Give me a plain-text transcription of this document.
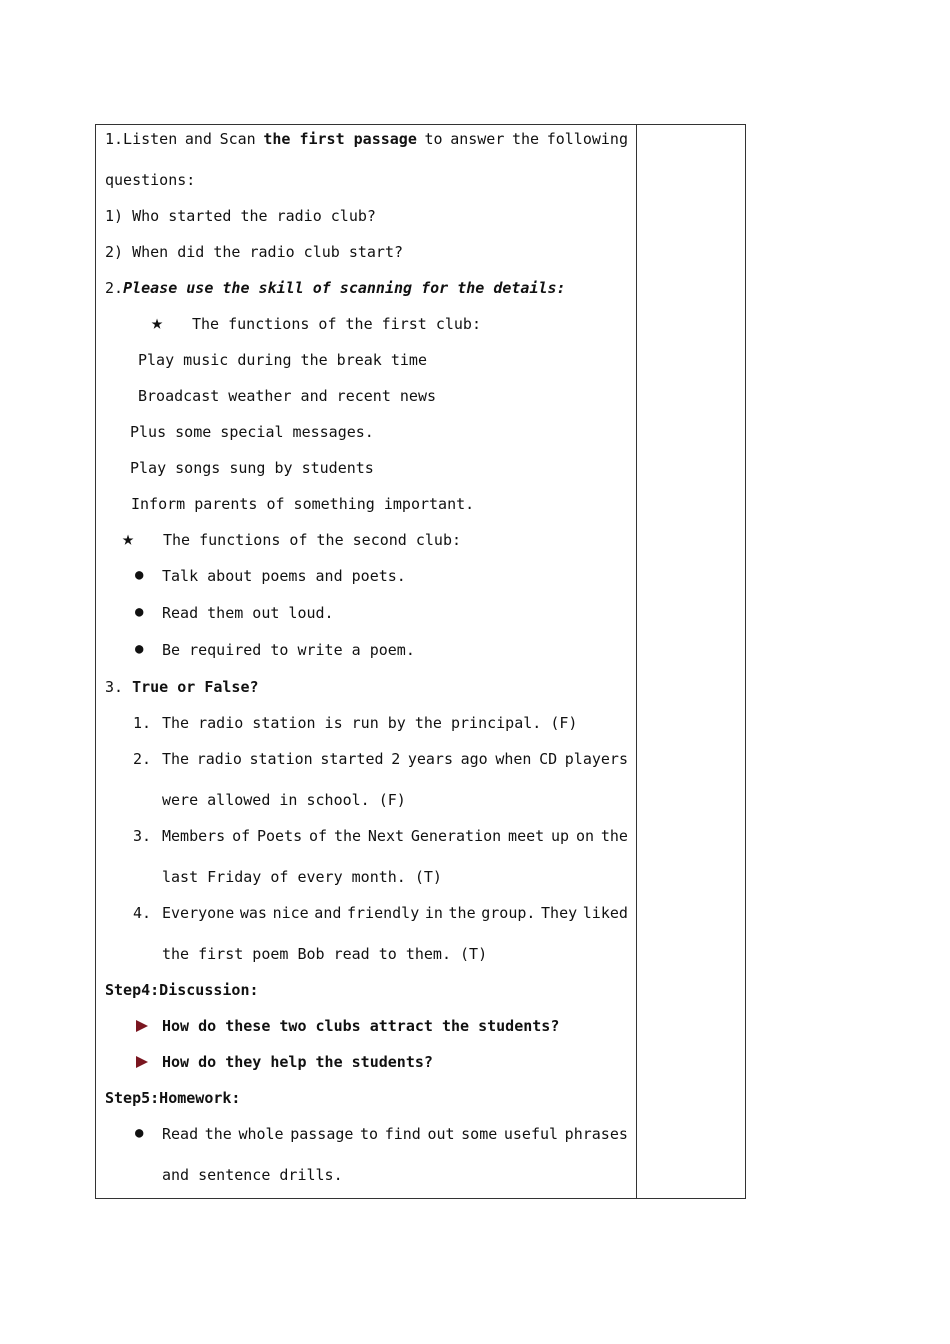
1.Listen and Scan the first passage to answer the following
questions:
1) Who started the radio club?
2) When did the radio club start?
2.Please use the skill of scanning for the details:
★ The functions of the first club:
Play music during the break time
Broadcast weather and recent news
Plus some special messages.
Play songs sung by students
Inform parents of something important.
★ The functions of the second club:
● Talk about poems and poets.
● Read them out loud.
● Be required to write a poem.
3. True or False?
1. The radio station is run by the principal. (F)
2. The radio station started 2 years ago when CD players
were allowed in school. (F)
3. Members of Poets of the Next Generation meet up on the
last Friday of every month. (T)
4. Everyone was nice and friendly in the group. They liked
the first poem Bob read to them. (T)
Step4:Discussion:
How do these two clubs attract the students?
How do they help the students?
Step5:Homework:
● Read the whole passage to find out some useful phrases
and sentence drills.
